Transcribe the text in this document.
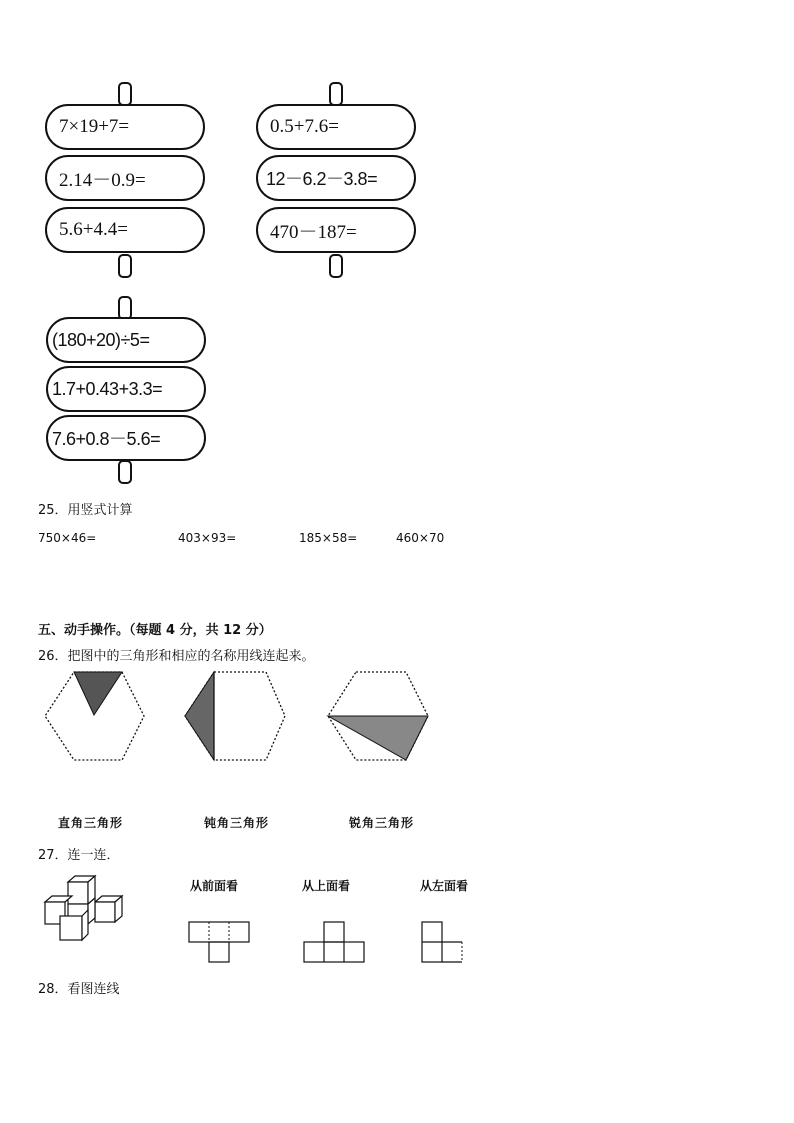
7×19+7=
2.14－0.9=
5.6+4.4=
0.5+7.6=
12－6.2－3.8=
470－187=
(180+20)÷5=
1.7+0.43+3.3=
7.6+0.8－5.6=
25．用竖式计算
750×46=	403×93=	185×58=	460×70
五、动手操作。（每题 4 分，共 12 分）
26．把图中的三角形和相应的名称用线连起来。
直角三角形	钝角三角形	锐角三角形
27．连一连．
从前面看	从上面看	从左面看
28．看图连线
